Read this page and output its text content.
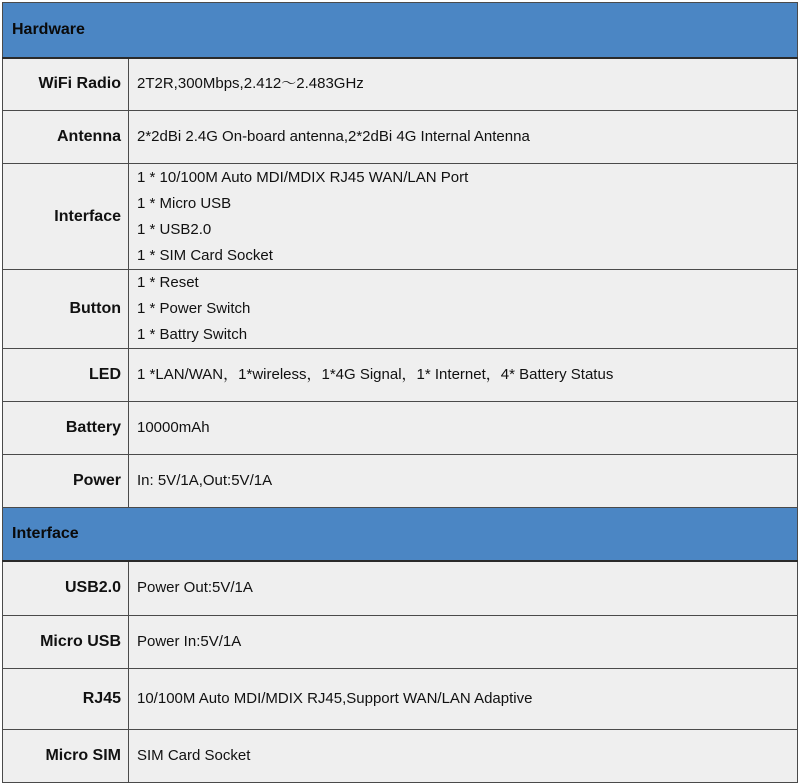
Hardware	
WiFi Radio	2T2R,300Mbps,2.412～2.483GHz

Antenna	2*2dBi 2.4G On-board antenna,2*2dBi 4G Internal Antenna

Interface	1 * 10/100M Auto MDI/MDIX RJ45 WAN/LAN Port
1 * Micro USB
1 * USB2.0
1 * SIM Card Socket

Button	1 * Reset
1 * Power Switch
1 * Battry Switch

LED	1 *LAN/WAN，1*wireless，1*4G Signal，1* Internet，4* Battery Status

Battery	10000mAh

Power	In: 5V/1A,Out:5V/1A

Interface	
USB2.0	Power Out:5V/1A

Micro USB	Power In:5V/1A

RJ45	10/100M Auto MDI/MDIX RJ45,Support WAN/LAN Adaptive

Micro SIM	SIM Card Socket
